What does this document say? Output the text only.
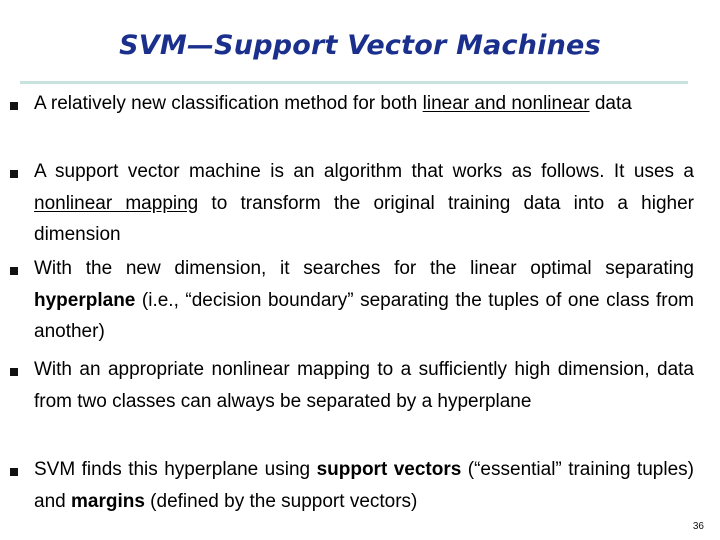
SVM—Support Vector Machines
A relatively new classification method for both linear and nonlinear data
A support vector machine is an algorithm that works as follows. It uses a nonlinear mapping to transform the original training data into a higher dimension
With the new dimension, it searches for the linear optimal separating hyperplane (i.e., “decision boundary” separating the tuples of one class from another)
With an appropriate nonlinear mapping to a sufficiently high dimension, data from two classes can always be separated by a hyperplane
SVM finds this hyperplane using support vectors (“essential” training tuples) and margins (defined by the support vectors)
36
